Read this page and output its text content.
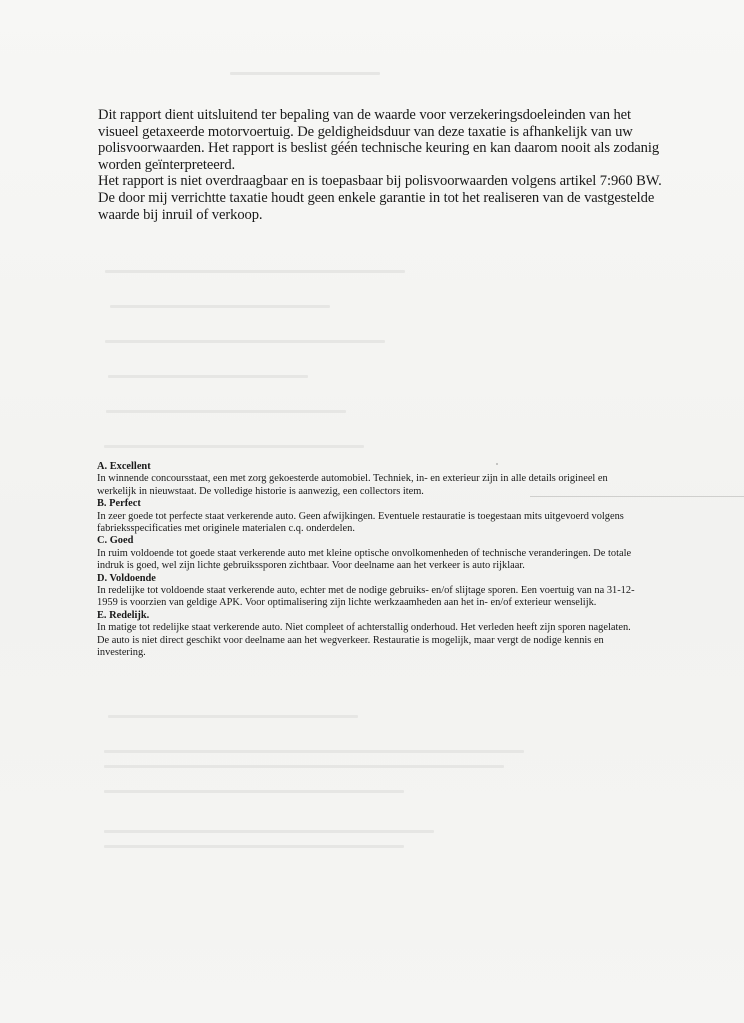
Dit rapport dient uitsluitend ter bepaling van de waarde voor verzekeringsdoeleinden van het visueel getaxeerde motorvoertuig. De geldigheidsduur van deze taxatie is afhankelijk van uw polisvoorwaarden. Het rapport is beslist géén technische keuring en kan daarom nooit als zodanig worden geïnterpreteerd.

Het rapport is niet overdraagbaar en is toepasbaar bij polisvoorwaarden volgens artikel 7:960 BW.

De door mij verrichtte taxatie houdt geen enkele garantie in tot het realiseren van de vastgestelde waarde bij inruil of verkoop.

A. Excellent
In winnende concoursstaat, een met zorg gekoesterde automobiel. Techniek, in- en exterieur zijn in alle details origineel en werkelijk in nieuwstaat. De volledige historie is aanwezig, een collectors item.
B. Perfect
In zeer goede tot perfecte staat verkerende auto. Geen afwijkingen. Eventuele restauratie is toegestaan mits uitgevoerd volgens fabrieksspecificaties met originele materialen c.q. onderdelen.
C. Goed
In ruim voldoende tot goede staat verkerende auto met kleine optische onvolkomenheden of technische veranderingen. De totale indruk is goed, wel zijn lichte gebruikssporen zichtbaar. Voor deelname aan het verkeer is auto rijklaar.
D. Voldoende
In redelijke tot voldoende staat verkerende auto, echter met de nodige gebruiks- en/of slijtage sporen. Een voertuig van na 31-12-1959 is voorzien van geldige APK. Voor optimalisering zijn lichte werkzaamheden aan het in- en/of exterieur wenselijk.
E. Redelijk.
In matige tot redelijke staat verkerende auto. Niet compleet of achterstallig onderhoud. Het verleden heeft zijn sporen nagelaten. De auto is niet direct geschikt voor deelname aan het wegverkeer. Restauratie is mogelijk, maar vergt de nodige kennis en investering.
